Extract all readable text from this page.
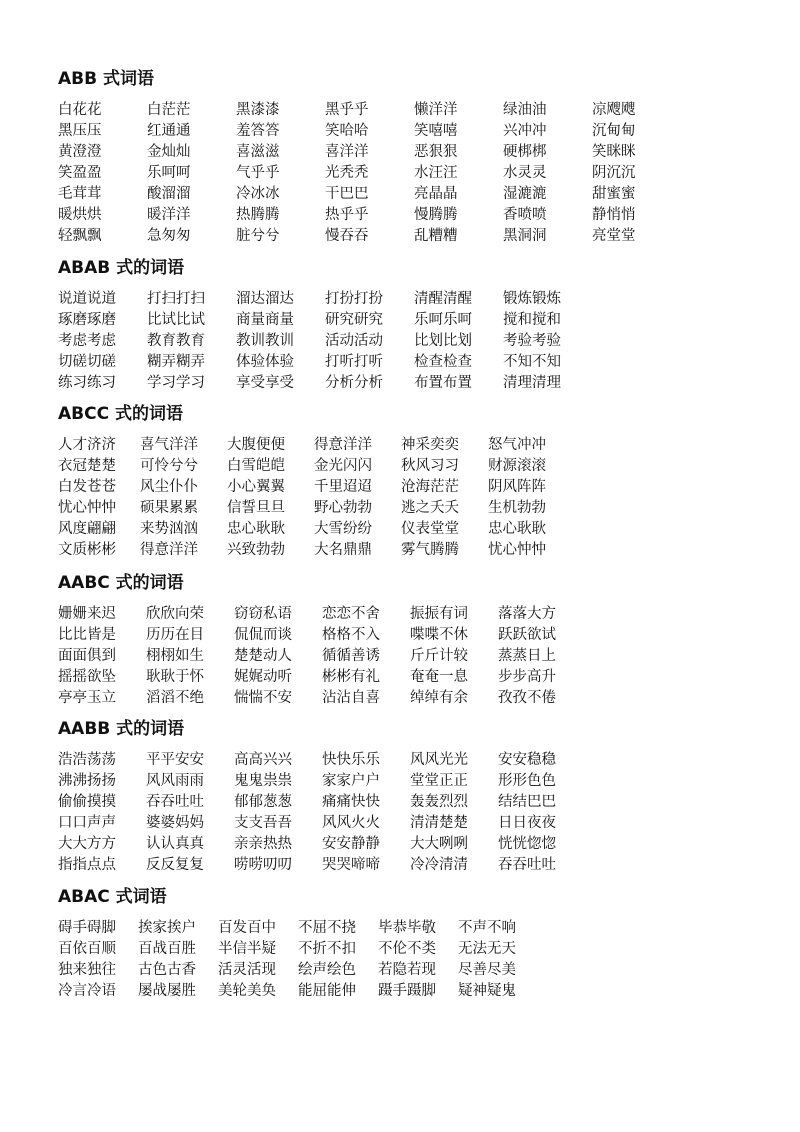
ABB 式词语
白花花	白茫茫	黑漆漆	黑乎乎	懒洋洋	绿油油	凉飕飕
黑压压	红通通	羞答答	笑哈哈	笑嘻嘻	兴冲冲	沉甸甸
黄澄澄	金灿灿	喜滋滋	喜洋洋	恶狠狠	硬梆梆	笑眯眯
笑盈盈	乐呵呵	气乎乎	光秃秃	水汪汪	水灵灵	阴沉沉
毛茸茸	酸溜溜	冷冰冰	干巴巴	亮晶晶	湿漉漉	甜蜜蜜
暖烘烘	暖洋洋	热腾腾	热乎乎	慢腾腾	香喷喷	静悄悄
轻飘飘	急匆匆	脏兮兮	慢吞吞	乱糟糟	黑洞洞	亮堂堂
ABAB 式的词语
说道说道	打扫打扫	溜达溜达	打扮打扮	清醒清醒	锻炼锻炼
琢磨琢磨	比试比试	商量商量	研究研究	乐呵乐呵	搅和搅和
考虑考虑	教育教育	教训教训	活动活动	比划比划	考验考验
切磋切磋	糊弄糊弄	体验体验	打听打听	检查检查	不知不知
练习练习	学习学习	享受享受	分析分析	布置布置	清理清理
ABCC 式的词语
人才济济	喜气洋洋	大腹便便	得意洋洋	神采奕奕	怒气冲冲
衣冠楚楚	可怜兮兮	白雪皑皑	金光闪闪	秋风习习	财源滚滚
白发苍苍	风尘仆仆	小心翼翼	千里迢迢	沧海茫茫	阴风阵阵
忧心忡忡	硕果累累	信誓旦旦	野心勃勃	逃之夭夭	生机勃勃
风度翩翩	来势汹汹	忠心耿耿	大雪纷纷	仪表堂堂	忠心耿耿
文质彬彬	得意洋洋	兴致勃勃	大名鼎鼎	雾气腾腾	忧心忡忡
AABC 式的词语
姗姗来迟	欣欣向荣	窃窃私语	恋恋不舍	振振有词	落落大方
比比皆是	历历在目	侃侃而谈	格格不入	喋喋不休	跃跃欲试
面面俱到	栩栩如生	楚楚动人	循循善诱	斤斤计较	蒸蒸日上
摇摇欲坠	耿耿于怀	娓娓动听	彬彬有礼	奄奄一息	步步高升
亭亭玉立	滔滔不绝	惴惴不安	沾沾自喜	绰绰有余	孜孜不倦
AABB 式的词语
浩浩荡荡	平平安安	高高兴兴	快快乐乐	风风光光	安安稳稳
沸沸扬扬	风风雨雨	鬼鬼祟祟	家家户户	堂堂正正	形形色色
偷偷摸摸	吞吞吐吐	郁郁葱葱	痛痛快快	轰轰烈烈	结结巴巴
口口声声	婆婆妈妈	支支吾吾	风风火火	清清楚楚	日日夜夜
大大方方	认认真真	亲亲热热	安安静静	大大咧咧	恍恍惚惚
指指点点	反反复复	唠唠叨叨	哭哭啼啼	冷冷清清	吞吞吐吐
ABAC 式词语
碍手碍脚	挨家挨户	百发百中	不屈不挠	毕恭毕敬	不声不响
百依百顺	百战百胜	半信半疑	不折不扣	不伦不类	无法无天
独来独往	古色古香	活灵活现	绘声绘色	若隐若现	尽善尽美
冷言冷语	屡战屡胜	美轮美奂	能屈能伸	蹑手蹑脚	疑神疑鬼
